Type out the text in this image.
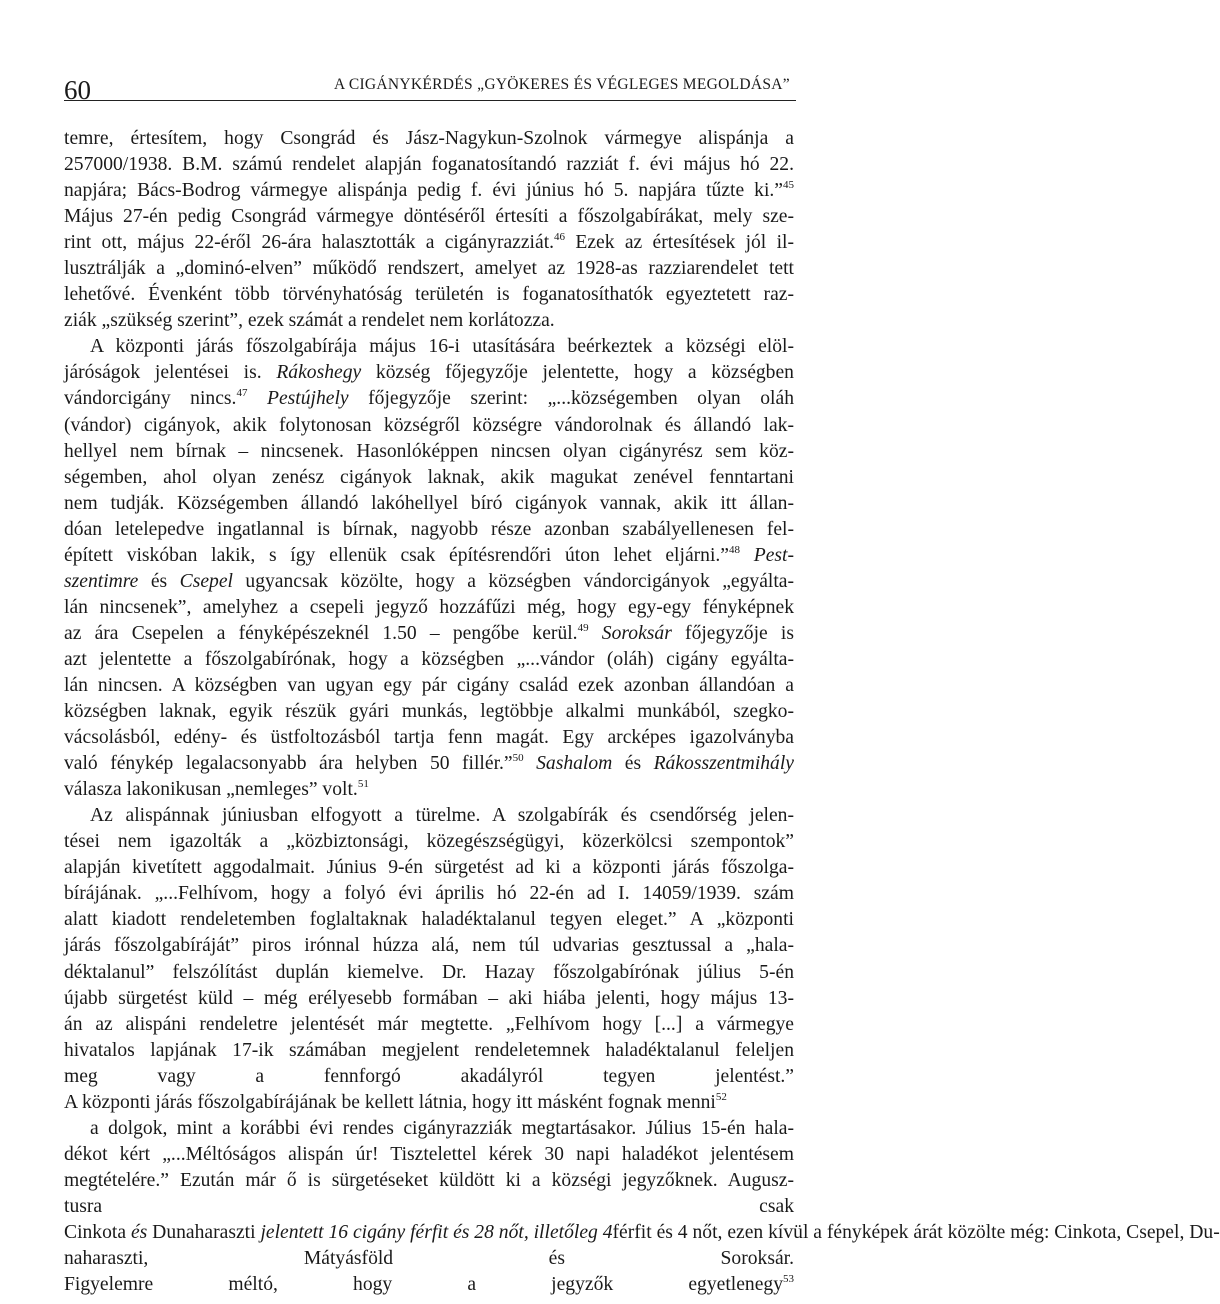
60	A CIGÁNYKÉRDÉS „GYÖKERES ÉS VÉGLEGES MEGOLDÁSA”
temre, értesítem, hogy Csongrád és Jász-Nagykun-Szolnok vármegye alispánja a
257000/1938. B.M. számú rendelet alapján foganatosítandó razziát f. évi május hó 22.
napjára; Bács-Bodrog vármegye alispánja pedig f. évi június hó 5. napjára tűzte ki.”$^{45}$
Május 27-én pedig Csongrád vármegye döntéséről értesíti a főszolgabírákat, mely sze-
rint ott, május 22-éről 26-ára halasztották a cigányrazziát.$^{46}$ Ezek az értesítések jól il-
lusztrálják a „dominó-elven” működő rendszert, amelyet az 1928-as razziarendelet tett
lehetővé. Évenként több törvényhatóság területén is foganatosíthatók egyeztetett raz-
ziák „szükség szerint”, ezek számát a rendelet nem korlátozza.
A központi járás főszolgabírája május 16-i utasítására beérkeztek a községi elöl-
járóságok jelentései is. Rákoshegy község főjegyzője jelentette, hogy a községben
vándorcigány nincs.$^{47}$ Pestújhely főjegyzője szerint: „...községemben olyan oláh
(vándor) cigányok, akik folytonosan községről községre vándorolnak és állandó lak-
hellyel nem bírnak – nincsenek. Hasonlóképpen nincsen olyan cigányrész sem köz-
ségemben, ahol olyan zenész cigányok laknak, akik magukat zenével fenntartani
nem tudják. Községemben állandó lakóhellyel bíró cigányok vannak, akik itt állan-
dóan letelepedve ingatlannal is bírnak, nagyobb része azonban szabályellenesen fel-
épített viskóban lakik, s így ellenük csak építésrendőri úton lehet eljárni.”$^{48}$ Pest-
szentimre és Csepel ugyancsak közölte, hogy a községben vándorcigányok „egyálta-
lán nincsenek”, amelyhez a csepeli jegyző hozzáfűzi még, hogy egy-egy fényképnek
az ára Csepelen a fényképészeknél 1.50 – pengőbe kerül.$^{49}$ Soroksár főjegyzője is
azt jelentette a főszolgabírónak, hogy a községben „...vándor (oláh) cigány egyálta-
lán nincsen. A községben van ugyan egy pár cigány család ezek azonban állandóan a
községben laknak, egyik részük gyári munkás, legtöbbje alkalmi munkából, szegko-
vácsolásból, edény- és üstfoltozásból tartja fenn magát. Egy arcképes igazolványba
való fénykép legalacsonyabb ára helyben 50 fillér.”$^{50}$ Sashalom és Rákosszentmihály
válasza lakonikusan „nemleges” volt.$^{51}$
Az alispánnak júniusban elfogyott a türelme. A szolgabírák és csendőrség jelen-
tései nem igazolták a „közbiztonsági, közegészségügyi, közerkölcsi szempontok”
alapján kivetített aggodalmait. Június 9-én sürgetést ad ki a központi járás főszolga-
bírájának. „...Felhívom, hogy a folyó évi április hó 22-én ad I. 14059/1939. szám
alatt kiadott rendeletemben foglaltaknak haladéktalanul tegyen eleget.” A „központi
járás főszolgabíráját” piros irónnal húzza alá, nem túl udvarias gesztussal a „hala-
déktalanul” felszólítást duplán kiemelve. Dr. Hazay főszolgabírónak július 5-én
újabb sürgetést küld – még erélyesebb formában – aki hiába jelenti, hogy május 13-
án az alispáni rendeletre jelentését már megtette. „Felhívom hogy [...] a vármegye
hivatalos lapjának 17-ik számában megjelent rendeletemnek haladéktalanul feleljen
meg vagy a fennforgó akadályról tegyen jelentést.”
A központi járás főszolgabírájának be kellett látnia, hogy itt másként fognak menni$^{52}$
a dolgok, mint a korábbi évi rendes cigányrazziák megtartásakor. Július 15-én hala-
dékot kért „...Méltóságos alispán úr! Tisztelettel kérek 30 napi haladékot jelentésem
megtételére.” Ezután már ő is sürgetéseket küldött ki a községi jegyzőknek. Augusz-
tusra csak
Cinkota és Dunaharaszti jelentett 16 cigány férfit és 28 nőt, illetőleg 4férfit és 4 nőt, ezen kívül a fényképek árát közölte még: Cinkota, Csepel, Du-
naharaszti, Mátyásföld és Soroksár.
Figyelemre méltó, hogy a jegyzők egyetlenegy$^{53}$
